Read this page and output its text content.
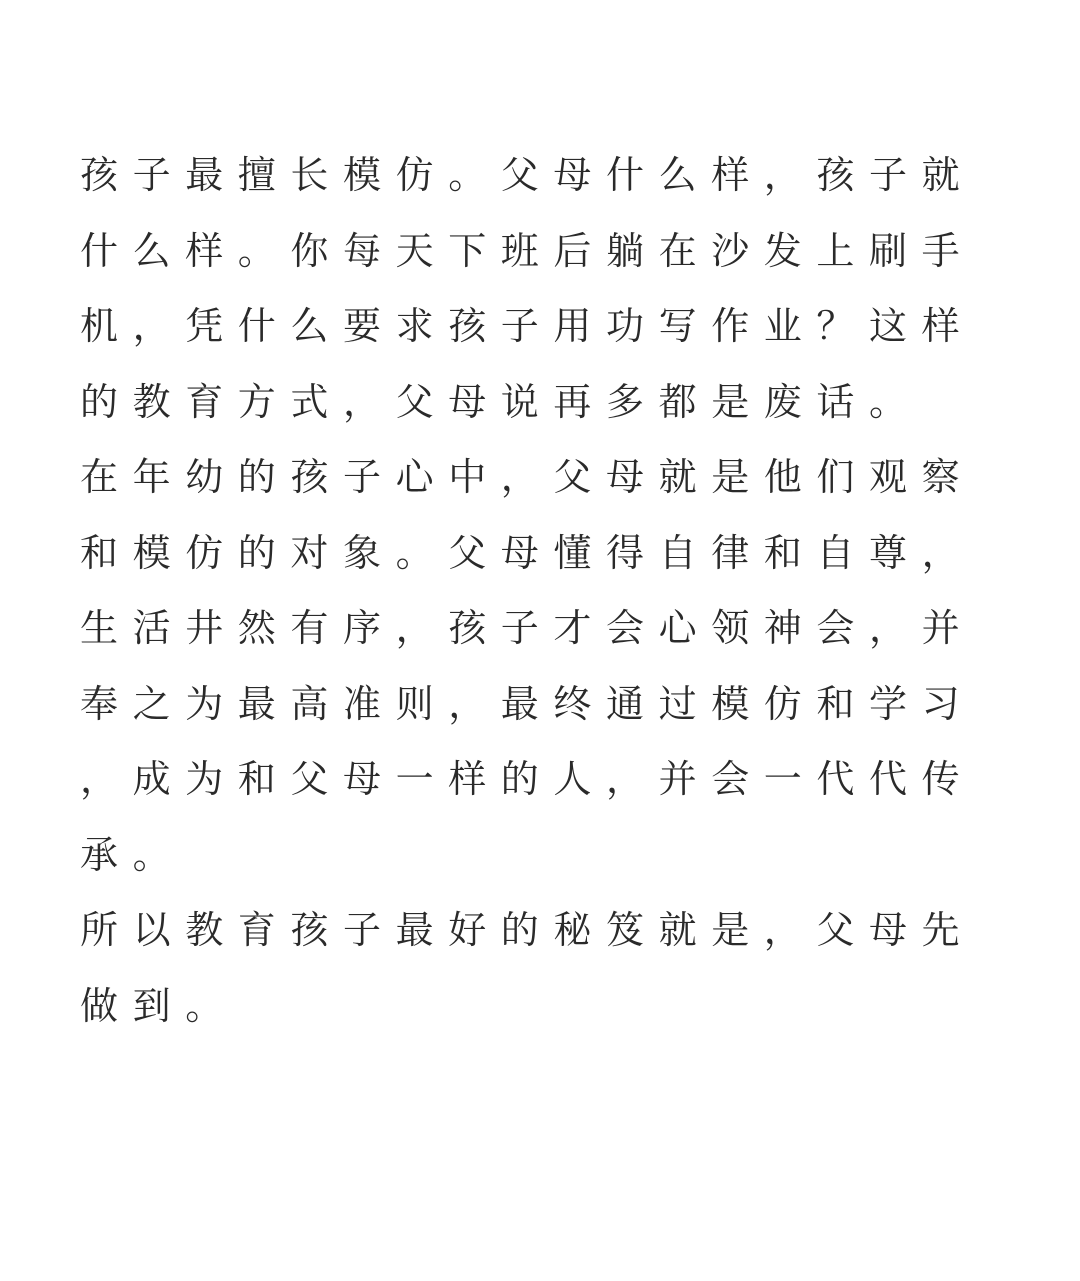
孩子最擅长模仿。父母什么样，孩子就
什么样。你每天下班后躺在沙发上刷手
机，凭什么要求孩子用功写作业？这样
的教育方式，父母说再多都是废话。
在年幼的孩子心中，父母就是他们观察
和模仿的对象。父母懂得自律和自尊，
生活井然有序，孩子才会心领神会，并
奉之为最高准则，最终通过模仿和学习
，成为和父母一样的人，并会一代代传
承。
所以教育孩子最好的秘笈就是，父母先
做到。
